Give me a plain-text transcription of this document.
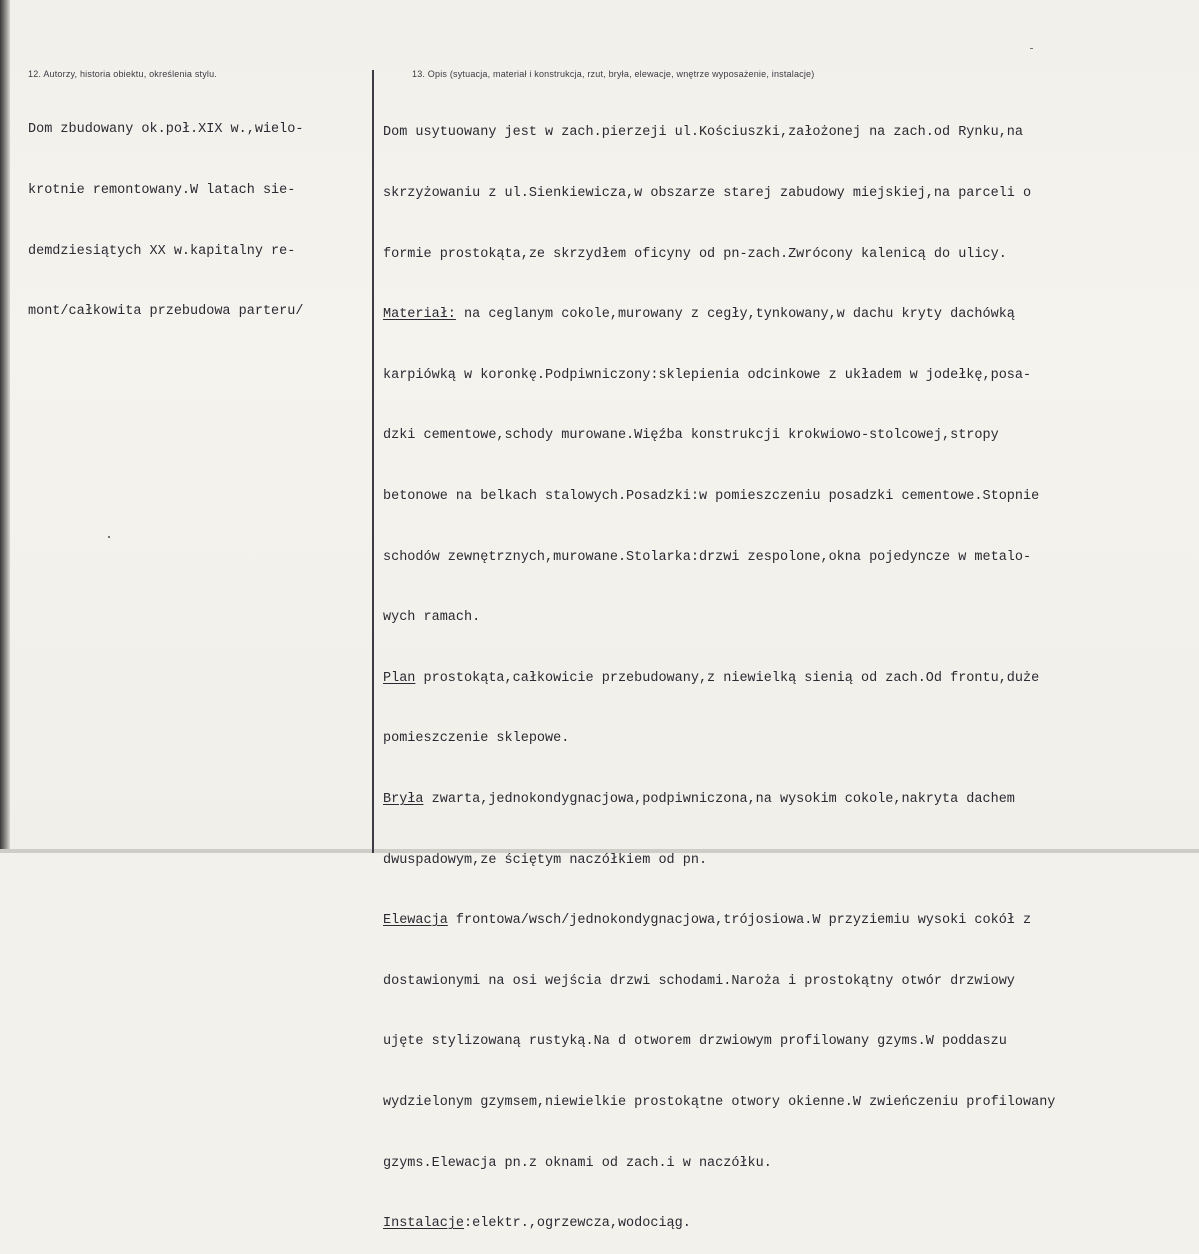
12. Autorzy, historia obiektu, określenia stylu.	13. Opis (sytuacja, materiał i konstrukcja, rzut, bryła, elewacje, wnętrze wyposażenie, instalacje)

Dom zbudowany ok.poł.XIX w.,wielo-

krotnie remontowany.W latach sie-

demdziesiątych XX w.kapitalny re-

mont/całkowita przebudowa parteru/

Dom usytuowany jest w zach.pierzeji ul.Kościuszki,założonej na zach.od Rynku,na

skrzyżowaniu z ul.Sienkiewicza,w obszarze starej zabudowy miejskiej,na parceli o

formie prostokąta,ze skrzydłem oficyny od pn-zach.Zwrócony kalenicą do ulicy.

Materiał: na ceglanym cokole,murowany z cegły,tynkowany,w dachu kryty dachówką

karpiówką w koronkę.Podpiwniczony:sklepienia odcinkowe z układem w jodełkę,posa-

dzki cementowe,schody murowane.Więźba konstrukcji krokwiowo-stolcowej,stropy

betonowe na belkach stalowych.Posadzki:w pomieszczeniu posadzki cementowe.Stopnie

schodów zewnętrznych,murowane.Stolarka:drzwi zespolone,okna pojedyncze w metalo-

wych ramach.

Plan prostokąta,całkowicie przebudowany,z niewielką sienią od zach.Od frontu,duże

pomieszczenie sklepowe.

Bryła zwarta,jednokondygnacjowa,podpiwniczona,na wysokim cokole,nakryta dachem

dwuspadowym,ze ściętym naczółkiem od pn.

Elewacja frontowa/wsch/jednokondygnacjowa,trójosiowa.W przyziemiu wysoki cokół z

dostawionymi na osi wejścia drzwi schodami.Naroża i prostokątny otwór drzwiowy

ujęte stylizowaną rustyką.Na d otworem drzwiowym profilowany gzyms.W poddaszu

wydzielonym gzymsem,niewielkie prostokątne otwory okienne.W zwieńczeniu profilowany

gzyms.Elewacja pn.z oknami od zach.i w naczółku.

Instalacje:elektr.,ogrzewcza,wodociąg.
